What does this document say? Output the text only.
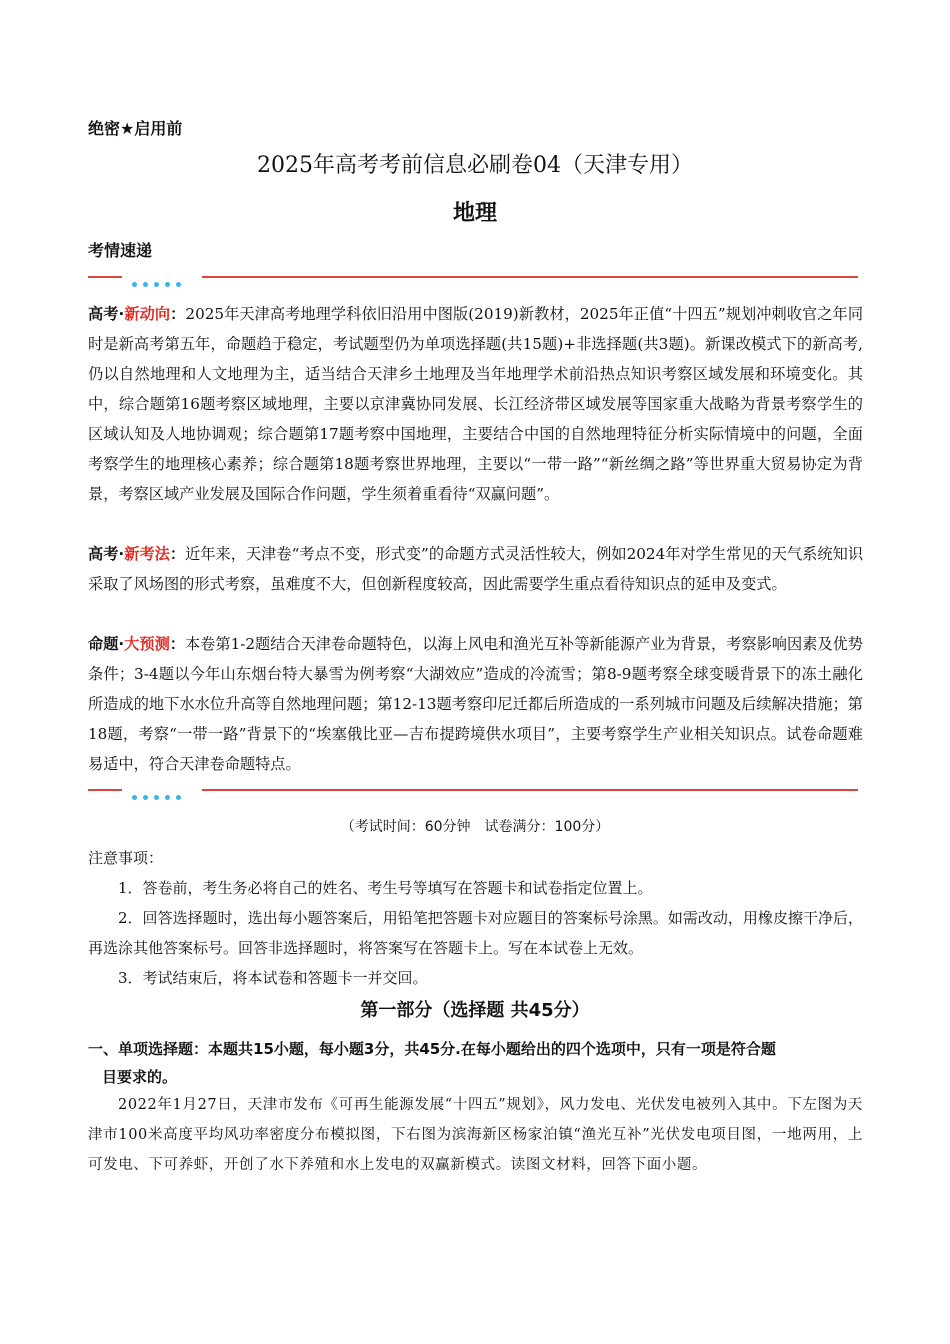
绝密★启用前
2025年高考考前信息必刷卷04（天津专用）
地理
考情速递
高考·新动向：2025年天津高考地理学科依旧沿用中图版(2019)新教材，2025年正值“十四五”规划冲刺收官之年同时是新高考第五年，命题趋于稳定，考试题型仍为单项选择题(共15题)+非选择题(共3题)。新课改模式下的新高考,仍以自然地理和人文地理为主，适当结合天津乡土地理及当年地理学术前沿热点知识考察区域发展和环境变化。其中，综合题第16题考察区域地理，主要以京津冀协同发展、长江经济带区域发展等国家重大战略为背景考察学生的区域认知及人地协调观；综合题第17题考察中国地理，主要结合中国的自然地理特征分析实际情境中的问题，全面考察学生的地理核心素养；综合题第18题考察世界地理，主要以“一带一路”“新丝绸之路”等世界重大贸易协定为背景，考察区域产业发展及国际合作问题，学生须着重看待“双赢问题”。
高考·新考法：近年来，天津卷“考点不变，形式变”的命题方式灵活性较大，例如2024年对学生常见的天气系统知识采取了风场图的形式考察，虽难度不大，但创新程度较高，因此需要学生重点看待知识点的延申及变式。
命题·大预测：本卷第1-2题结合天津卷命题特色，以海上风电和渔光互补等新能源产业为背景，考察影响因素及优势条件；3-4题以今年山东烟台特大暴雪为例考察“大湖效应”造成的冷流雪；第8-9题考察全球变暖背景下的冻土融化所造成的地下水水位升高等自然地理问题；第12-13题考察印尼迁都后所造成的一系列城市问题及后续解决措施；第18题，考察“一带一路”背景下的“埃塞俄比亚—吉布提跨境供水项目”，主要考察学生产业相关知识点。试卷命题难易适中，符合天津卷命题特点。
（考试时间：60分钟　试卷满分：100分）
注意事项：
1．答卷前，考生务必将自己的姓名、考生号等填写在答题卡和试卷指定位置上。
2．回答选择题时，选出每小题答案后，用铅笔把答题卡对应题目的答案标号涂黑。如需改动，用橡皮擦干净后，再选涂其他答案标号。回答非选择题时，将答案写在答题卡上。写在本试卷上无效。
3．考试结束后，将本试卷和答题卡一并交回。
第一部分（选择题 共45分）
一、单项选择题：本题共15小题，每小题3分，共45分.在每小题给出的四个选项中，只有一项是符合题
目要求的。
2022年1月27日，天津市发布《可再生能源发展“十四五”规划》，风力发电、光伏发电被列入其中。下左图为天津市100米高度平均风功率密度分布模拟图，下右图为滨海新区杨家泊镇“渔光互补”光伏发电项目图，一地两用，上可发电、下可养虾，开创了水下养殖和水上发电的双赢新模式。读图文材料，回答下面小题。
